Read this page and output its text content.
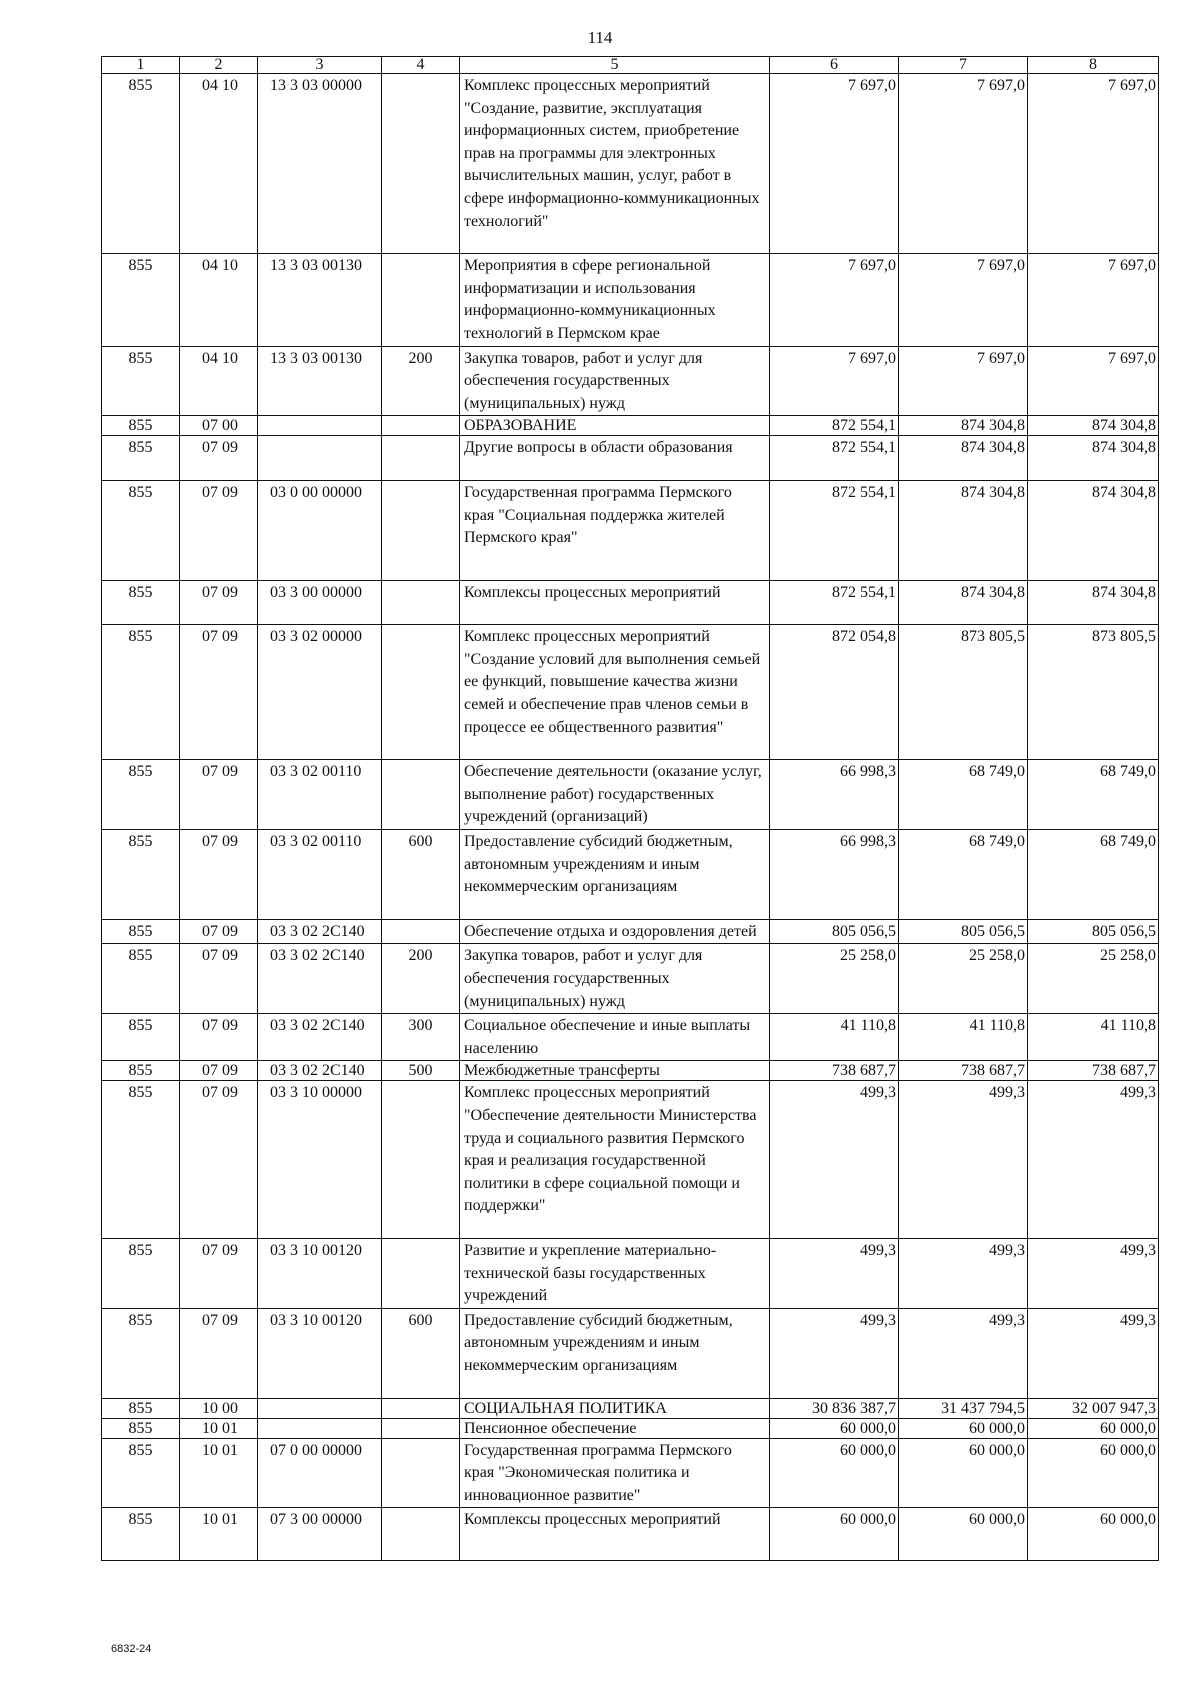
114
1	2	3	4	5	6	7	8
855	04 10	13 3 03 00000		Комплекс процессных мероприятий "Создание, развитие, эксплуатация информационных систем, приобретение прав на программы для электронных вычислительных машин, услуг, работ в сфере информационно-коммуникационных технологий"	7 697,0	7 697,0	7 697,0
855	04 10	13 3 03 00130		Мероприятия в сфере региональной информатизации и использования информационно-коммуникационных технологий в Пермском крае	7 697,0	7 697,0	7 697,0
855	04 10	13 3 03 00130	200	Закупка товаров, работ и услуг для обеспечения государственных (муниципальных) нужд	7 697,0	7 697,0	7 697,0
855	07 00			ОБРАЗОВАНИЕ	872 554,1	874 304,8	874 304,8
855	07 09			Другие вопросы в области образования	872 554,1	874 304,8	874 304,8
855	07 09	03 0 00 00000		Государственная программа Пермского края "Социальная поддержка жителей Пермского края"	872 554,1	874 304,8	874 304,8
855	07 09	03 3 00 00000		Комплексы процессных мероприятий	872 554,1	874 304,8	874 304,8
855	07 09	03 3 02 00000		Комплекс процессных мероприятий "Создание условий для выполнения семьей ее функций, повышение качества жизни семей и обеспечение прав членов семьи в процессе ее общественного развития"	872 054,8	873 805,5	873 805,5
855	07 09	03 3 02 00110		Обеспечение деятельности (оказание услуг, выполнение работ) государственных учреждений (организаций)	66 998,3	68 749,0	68 749,0
855	07 09	03 3 02 00110	600	Предоставление субсидий бюджетным, автономным учреждениям и иным некоммерческим организациям	66 998,3	68 749,0	68 749,0
855	07 09	03 3 02 2С140		Обеспечение отдыха и оздоровления детей	805 056,5	805 056,5	805 056,5
855	07 09	03 3 02 2С140	200	Закупка товаров, работ и услуг для обеспечения государственных (муниципальных) нужд	25 258,0	25 258,0	25 258,0
855	07 09	03 3 02 2С140	300	Социальное обеспечение и иные выплаты населению	41 110,8	41 110,8	41 110,8
855	07 09	03 3 02 2С140	500	Межбюджетные трансферты	738 687,7	738 687,7	738 687,7
855	07 09	03 3 10 00000		Комплекс процессных мероприятий "Обеспечение деятельности Министерства труда и социального развития Пермского края и реализация государственной политики в сфере социальной помощи и поддержки"	499,3	499,3	499,3
855	07 09	03 3 10 00120		Развитие и укрепление материально-технической базы государственных учреждений	499,3	499,3	499,3
855	07 09	03 3 10 00120	600	Предоставление субсидий бюджетным, автономным учреждениям и иным некоммерческим организациям	499,3	499,3	499,3
855	10 00			СОЦИАЛЬНАЯ ПОЛИТИКА	30 836 387,7	31 437 794,5	32 007 947,3
855	10 01			Пенсионное обеспечение	60 000,0	60 000,0	60 000,0
855	10 01	07 0 00 00000		Государственная программа Пермского края "Экономическая политика и инновационное развитие"	60 000,0	60 000,0	60 000,0
855	10 01	07 3 00 00000		Комплексы процессных мероприятий	60 000,0	60 000,0	60 000,0
6832-24
